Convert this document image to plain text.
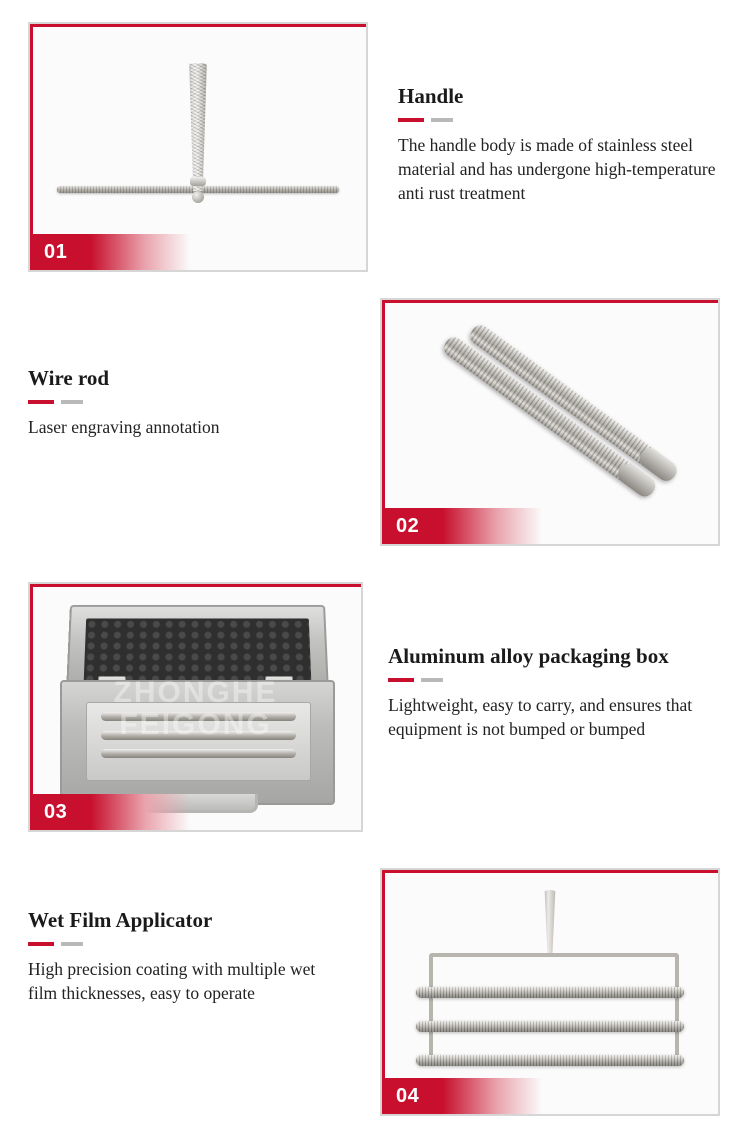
01
Handle

The handle body is made of stainless steel material and has undergone high-temperature anti rust treatment

Wire rod

Laser engraving annotation

02
ZHONGHE
FEIGONG
03
Aluminum alloy packaging box

Lightweight, easy to carry, and ensures that equipment is not bumped or bumped

Wet Film Applicator

High precision coating with multiple wet film thicknesses, easy to operate

04
